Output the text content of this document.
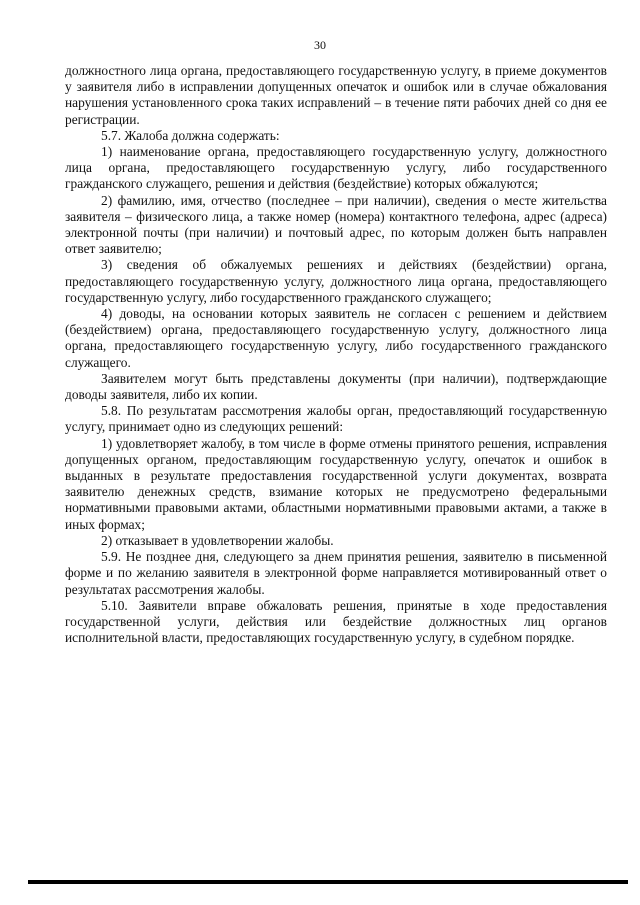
30

должностного лица органа, предоставляющего государственную услугу, в приеме документов у заявителя либо в исправлении допущенных опечаток и ошибок или в случае обжалования нарушения установленного срока таких исправлений – в течение пяти рабочих дней со дня ее регистрации.

5.7. Жалоба должна содержать:

1) наименование органа, предоставляющего государственную услугу, должностного лица органа, предоставляющего государственную услугу, либо государственного гражданского служащего, решения и действия (бездействие) которых обжалуются;

2) фамилию, имя, отчество (последнее – при наличии), сведения о месте жительства заявителя – физического лица, а также номер (номера) контактного телефона, адрес (адреса) электронной почты (при наличии) и почтовый адрес, по которым должен быть направлен ответ заявителю;

3) сведения об обжалуемых решениях и действиях (бездействии) органа, предоставляющего государственную услугу, должностного лица органа, предоставляющего государственную услугу, либо государственного гражданского служащего;

4) доводы, на основании которых заявитель не согласен с решением и действием (бездействием) органа, предоставляющего государственную услугу, должностного лица органа, предоставляющего государственную услугу, либо государственного гражданского служащего.

Заявителем могут быть представлены документы (при наличии), подтверждающие доводы заявителя, либо их копии.

5.8. По результатам рассмотрения жалобы орган, предоставляющий государственную услугу, принимает одно из следующих решений:

1) удовлетворяет жалобу, в том числе в форме отмены принятого решения, исправления допущенных органом, предоставляющим государственную услугу, опечаток и ошибок в выданных в результате предоставления государственной услуги документах, возврата заявителю денежных средств, взимание которых не предусмотрено федеральными нормативными правовыми актами, областными нормативными правовыми актами, а также в иных формах;

2) отказывает в удовлетворении жалобы.

5.9. Не позднее дня, следующего за днем принятия решения, заявителю в письменной форме и по желанию заявителя в электронной форме направляется мотивированный ответ о результатах рассмотрения жалобы.

5.10. Заявители вправе обжаловать решения, принятые в ходе предоставления государственной услуги, действия или бездействие должностных лиц органов исполнительной власти, предоставляющих государственную услугу, в судебном порядке.
